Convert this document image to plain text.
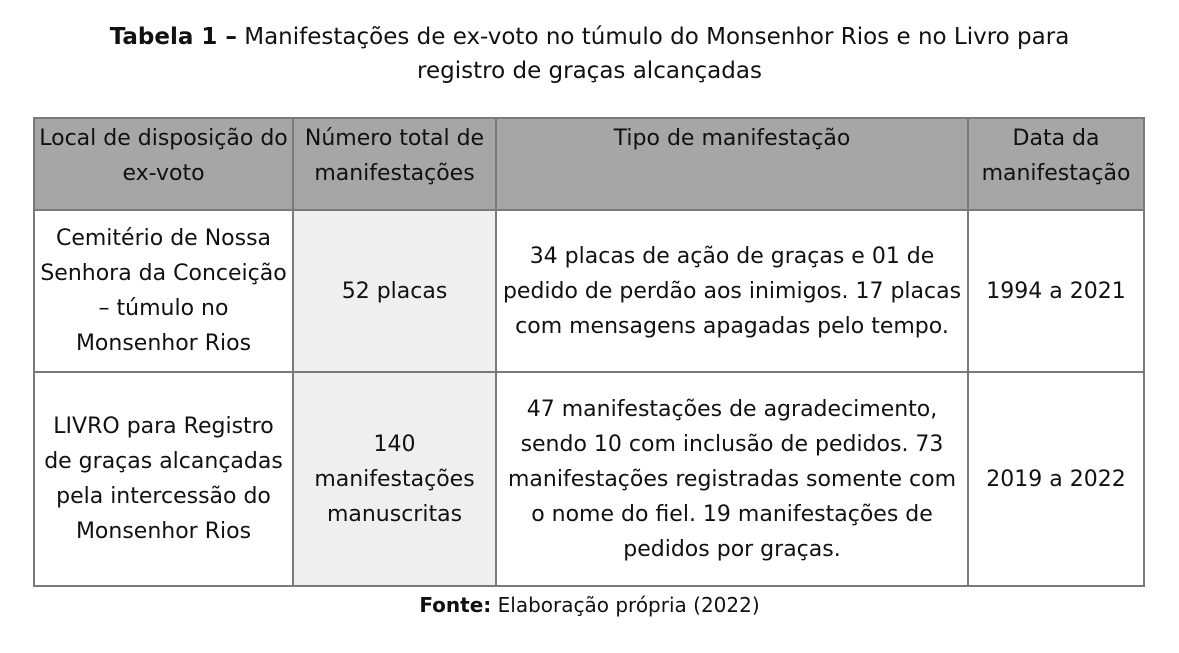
Tabela 1 – Manifestações de ex-voto no túmulo do Monsenhor Rios e no Livro para
registro de graças alcançadas
Local de disposição do ex-voto	Número total de manifestações	Tipo de manifestação	Data da manifestação
Cemitério de Nossa Senhora da Conceição – túmulo no Monsenhor Rios	52 placas	34 placas de ação de graças e 01 de pedido de perdão aos inimigos. 17 placas com mensagens apagadas pelo tempo.	1994 a 2021
LIVRO para Registro de graças alcançadas pela intercessão do Monsenhor Rios	140 manifestações manuscritas	47 manifestações de agradecimento, sendo 10 com inclusão de pedidos. 73 manifestações registradas somente com o nome do fiel. 19 manifestações de pedidos por graças.	2019 a 2022
Fonte: Elaboração própria (2022)
